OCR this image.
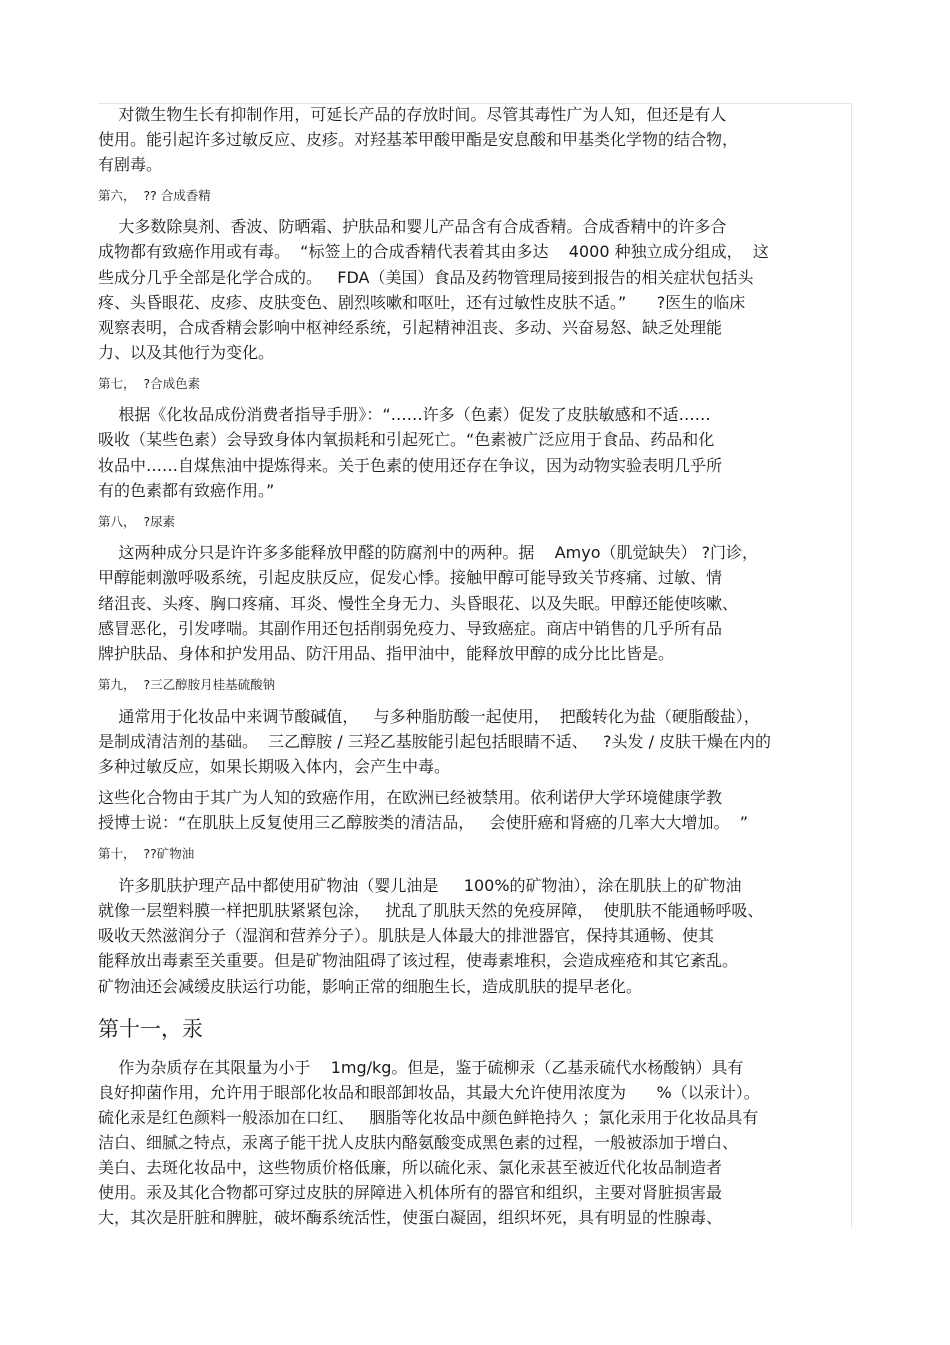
对微生物生长有抑制作用，可延长产品的存放时间。尽管其毒性广为人知，但还是有人
使用。能引起许多过敏反应、皮疹。对羟基苯甲酸甲酯是安息酸和甲基类化学物的结合物，
有剧毒。
第六，  ?? 合成香精
大多数除臭剂、香波、防晒霜、护肤品和婴儿产品含有合成香精。合成香精中的许多合
成物都有致癌作用或有毒。  “标签上的合成香精代表着其由多达    4000 种独立成分组成，  这
些成分几乎全部是化学合成的。   FDA（美国）食品及药物管理局接到报告的相关症状包括头
疼、头昏眼花、皮疹、皮肤变色、剧烈咳嗽和呕吐，还有过敏性皮肤不适。”      ?医生的临床
观察表明，合成香精会影响中枢神经系统，引起精神沮丧、多动、兴奋易怒、缺乏处理能
力、以及其他行为变化。
第七，  ?合成色素
根据《化妆品成份消费者指导手册》：“……许多（色素）促发了皮肤敏感和不适……
吸收（某些色素）会导致身体内氧损耗和引起死亡。“色素被广泛应用于食品、药品和化
妆品中……自煤焦油中提炼得来。关于色素的使用还存在争议，因为动物实验表明几乎所
有的色素都有致癌作用。”
第八，  ?尿素
这两种成分只是许许多多能释放甲醛的防腐剂中的两种。据    Amyo（肌觉缺失） ?门诊，
甲醇能刺激呼吸系统，引起皮肤反应，促发心悸。接触甲醇可能导致关节疼痛、过敏、情
绪沮丧、头疼、胸口疼痛、耳炎、慢性全身无力、头昏眼花、以及失眠。甲醇还能使咳嗽、
感冒恶化，引发哮喘。其副作用还包括削弱免疫力、导致癌症。商店中销售的几乎所有品
牌护肤品、身体和护发用品、防汗用品、指甲油中，能释放甲醇的成分比比皆是。
第九，  ?三乙醇胺月桂基硫酸钠
通常用于化妆品中来调节酸碱值，   与多种脂肪酸一起使用，  把酸转化为盐（硬脂酸盐），
是制成清洁剂的基础。  三乙醇胺 / 三羟乙基胺能引起包括眼睛不适、   ?头发 / 皮肤干燥在内的
多种过敏反应，如果长期吸入体内，会产生中毒。
这些化合物由于其广为人知的致癌作用，在欧洲已经被禁用。依利诺伊大学环境健康学教
授博士说：“在肌肤上反复使用三乙醇胺类的清洁品，   会使肝癌和肾癌的几率大大增加。  ”
第十，  ??矿物油
许多肌肤护理产品中都使用矿物油（婴儿油是     100%的矿物油），涂在肌肤上的矿物油
就像一层塑料膜一样把肌肤紧紧包涂，   扰乱了肌肤天然的免疫屏障，  使肌肤不能通畅呼吸、
吸收天然滋润分子（湿润和营养分子）。肌肤是人体最大的排泄器官，保持其通畅、使其
能释放出毒素至关重要。但是矿物油阻碍了该过程，使毒素堆积，会造成痤疮和其它紊乱。
矿物油还会减缓皮肤运行功能，影响正常的细胞生长，造成肌肤的提早老化。
第十一，汞
作为杂质存在其限量为小于    1mg/kg。但是，鉴于硫柳汞（乙基汞硫代水杨酸钠）具有
良好抑菌作用，允许用于眼部化妆品和眼部卸妆品，其最大允许使用浓度为      %（以汞计）。
硫化汞是红色颜料一般添加在口红、   胭脂等化妆品中颜色鲜艳持久 ；氯化汞用于化妆品具有
洁白、细腻之特点，汞离子能干扰人皮肤内酪氨酸变成黑色素的过程，一般被添加于增白、
美白、去斑化妆品中，这些物质价格低廉，所以硫化汞、氯化汞甚至被近代化妆品制造者
使用。汞及其化合物都可穿过皮肤的屏障进入机体所有的器官和组织，主要对肾脏损害最
大，其次是肝脏和脾脏，破坏酶系统活性，使蛋白凝固，组织坏死，具有明显的性腺毒、
